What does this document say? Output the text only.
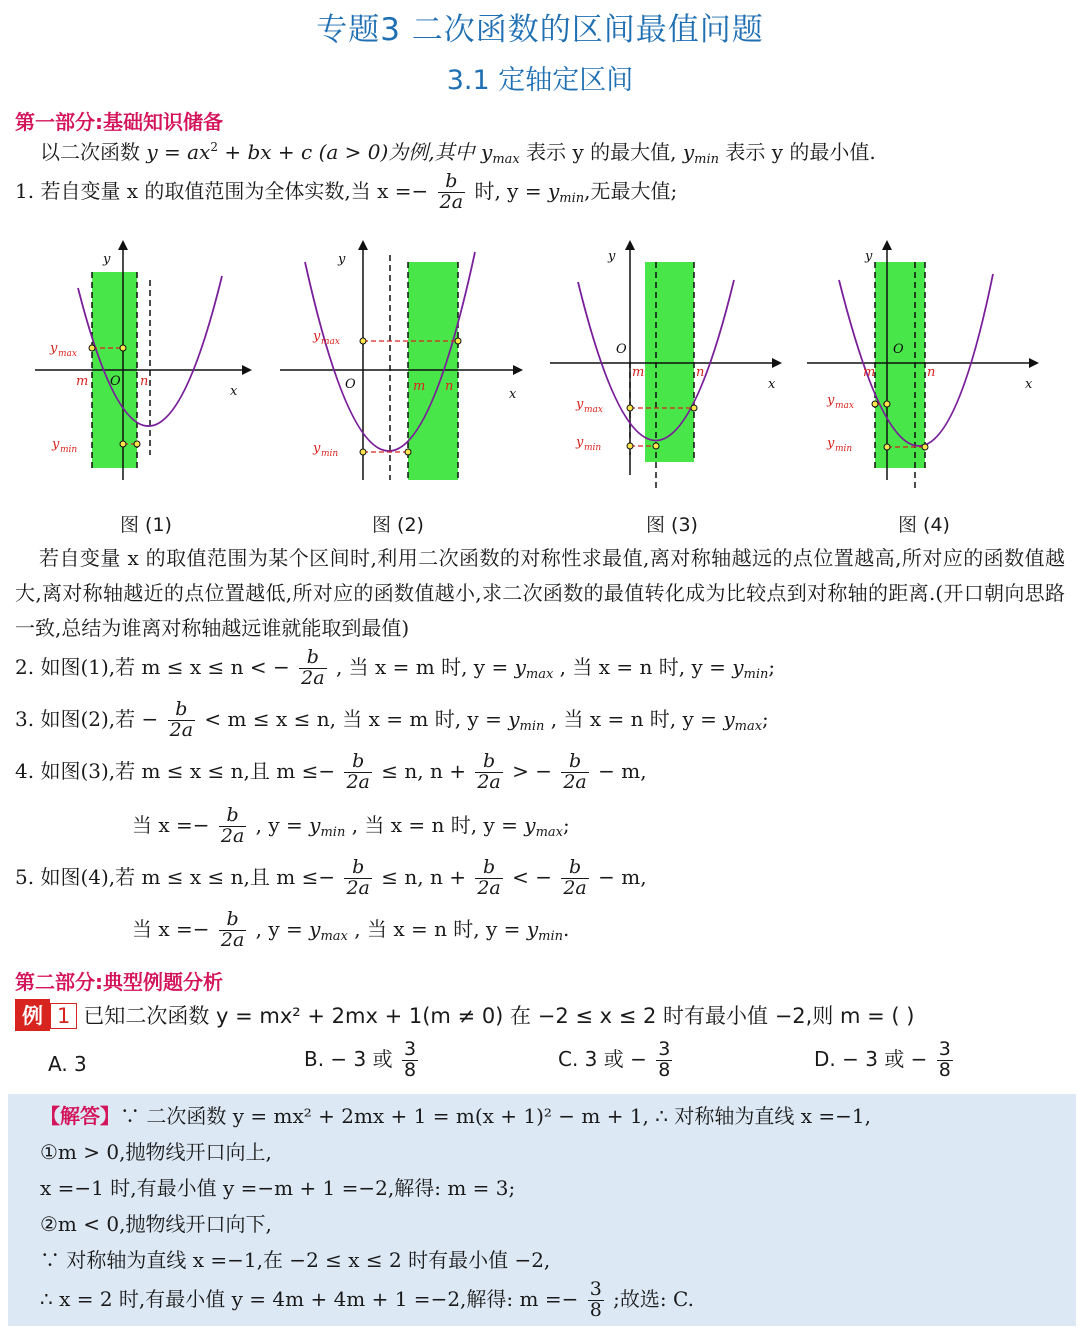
专题3 二次函数的区间最值问题
3.1 定轴定区间
第一部分:基础知识储备
以二次函数 $y = ax^2$ + bx + c (a > 0)为例,其中 $y_{max}$ 表示 y 的最大值, $y_{min}$ 表示 y 的最小值.
1. 若自变量 x 的取值范围为全体实数,当 $x =- \frac{b}{2a}$ 时, $y = y_{min}$,无最大值;
y
x
O
m	n
y max
y min
y
x
O	m n
y max
y min
y
x
O
m	n
y max
y min
y
x
O
m	n
y max
y min
图 (1)	图 (2)	图 (3)	图 (4)
若自变量 x 的取值范围为某个区间时,利用二次函数的对称性求最值,离对称轴越远的点位置越高,所对应的函数值越大,离对称轴越近的点位置越低,所对应的函数值越小,求二次函数的最值转化成为比较点到对称轴的距离.(开口朝向思路一致,总结为谁离对称轴越远谁就能取到最值)
2. 如图(1),若 m ≤ x ≤ n < − $\frac{b}{2a}$ , 当 x = m 时, $y = y_{max}$ , 当 x = n 时, $y = y_{min}$;
3. 如图(2),若 − $\frac{b}{2a} < m \le x \le n$, 当 x = m 时, $y = y_{min}$ , 当 x = n 时, $y = y_{max}$;
4. 如图(3),若 m ≤ x ≤ n,且 $m \le- \frac{b}{2a} \le n$, $n + \frac{b}{2a}$ > − $\frac{b}{2a} - m$,
当 $x =- \frac{b}{2a}$ , $y = y_{min}$ , 当 x = n 时, $y = y_{max}$;
5. 如图(4),若 m ≤ x ≤ n,且 $m \le- \frac{b}{2a} \le n$, $n + \frac{b}{2a}$ < − $\frac{b}{2a} - m$,
当 $x =- \frac{b}{2a}$ , $y = y_{max}$ , 当 x = n 时, $y = y_{min}$.
第二部分:典型例题分析
例 1 已知二次函数 y = mx² + 2mx + 1(m ≠ 0) 在 −2 ≤ x ≤ 2 时有最小值 −2,则 m = ( )
A. 3	B. − 3 或 $\frac{3}{8}$	C. 3 或 − $\frac{3}{8}$	D. − 3 或 − $\frac{3}{8}$
【解答】∵ 二次函数 y = mx² + 2mx + 1 = m(x + 1)² − m + 1, ∴ 对称轴为直线 x =−1,
①m > 0,抛物线开口向上,
x =−1 时,有最小值 y =−m + 1 =−2,解得: m = 3;
②m < 0,抛物线开口向下,
∵ 对称轴为直线 x =−1,在 −2 ≤ x ≤ 2 时有最小值 −2,
∴ x = 2 时,有最小值 y = 4m + 4m + 1 =−2,解得: $m =- \frac{3}{8}$ ;故选: C.
